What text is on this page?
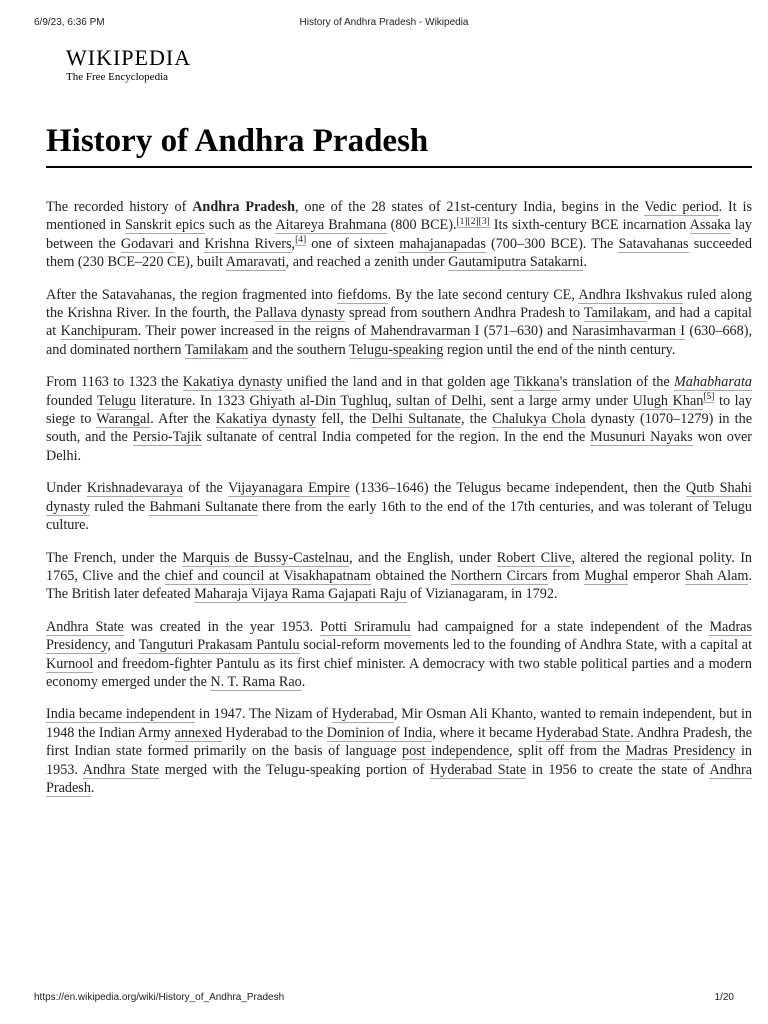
6/9/23, 6:36 PM	History of Andhra Pradesh - Wikipedia
WIKIPEDIA
The Free Encyclopedia
History of Andhra Pradesh

The recorded history of Andhra Pradesh, one of the 28 states of 21st-century India, begins in the Vedic period. It is mentioned in Sanskrit epics such as the Aitareya Brahmana (800 BCE).[1][2][3] Its sixth-century BCE incarnation Assaka lay between the Godavari and Krishna Rivers,[4] one of sixteen mahajanapadas (700–300 BCE). The Satavahanas succeeded them (230 BCE–220 CE), built Amaravati, and reached a zenith under Gautamiputra Satakarni.

After the Satavahanas, the region fragmented into fiefdoms. By the late second century CE, Andhra Ikshvakus ruled along the Krishna River. In the fourth, the Pallava dynasty spread from southern Andhra Pradesh to Tamilakam, and had a capital at Kanchipuram. Their power increased in the reigns of Mahendravarman I (571–630) and Narasimhavarman I (630–668), and dominated northern Tamilakam and the southern Telugu-speaking region until the end of the ninth century.

From 1163 to 1323 the Kakatiya dynasty unified the land and in that golden age Tikkana's translation of the Mahabharata founded Telugu literature. In 1323 Ghiyath al-Din Tughluq, sultan of Delhi, sent a large army under Ulugh Khan[5] to lay siege to Warangal. After the Kakatiya dynasty fell, the Delhi Sultanate, the Chalukya Chola dynasty (1070–1279) in the south, and the Persio-Tajik sultanate of central India competed for the region. In the end the Musunuri Nayaks won over Delhi.

Under Krishnadevaraya of the Vijayanagara Empire (1336–1646) the Telugus became independent, then the Qutb Shahi dynasty ruled the Bahmani Sultanate there from the early 16th to the end of the 17th centuries, and was tolerant of Telugu culture.

The French, under the Marquis de Bussy-Castelnau, and the English, under Robert Clive, altered the regional polity. In 1765, Clive and the chief and council at Visakhapatnam obtained the Northern Circars from Mughal emperor Shah Alam. The British later defeated Maharaja Vijaya Rama Gajapati Raju of Vizianagaram, in 1792.

Andhra State was created in the year 1953. Potti Sriramulu had campaigned for a state independent of the Madras Presidency, and Tanguturi Prakasam Pantulu social-reform movements led to the founding of Andhra State, with a capital at Kurnool and freedom-fighter Pantulu as its first chief minister. A democracy with two stable political parties and a modern economy emerged under the N. T. Rama Rao.

India became independent in 1947. The Nizam of Hyderabad, Mir Osman Ali Khanto, wanted to remain independent, but in 1948 the Indian Army annexed Hyderabad to the Dominion of India, where it became Hyderabad State. Andhra Pradesh, the first Indian state formed primarily on the basis of language post independence, split off from the Madras Presidency in 1953. Andhra State merged with the Telugu-speaking portion of Hyderabad State in 1956 to create the state of Andhra Pradesh.

https://en.wikipedia.org/wiki/History_of_Andhra_Pradesh	1/20
